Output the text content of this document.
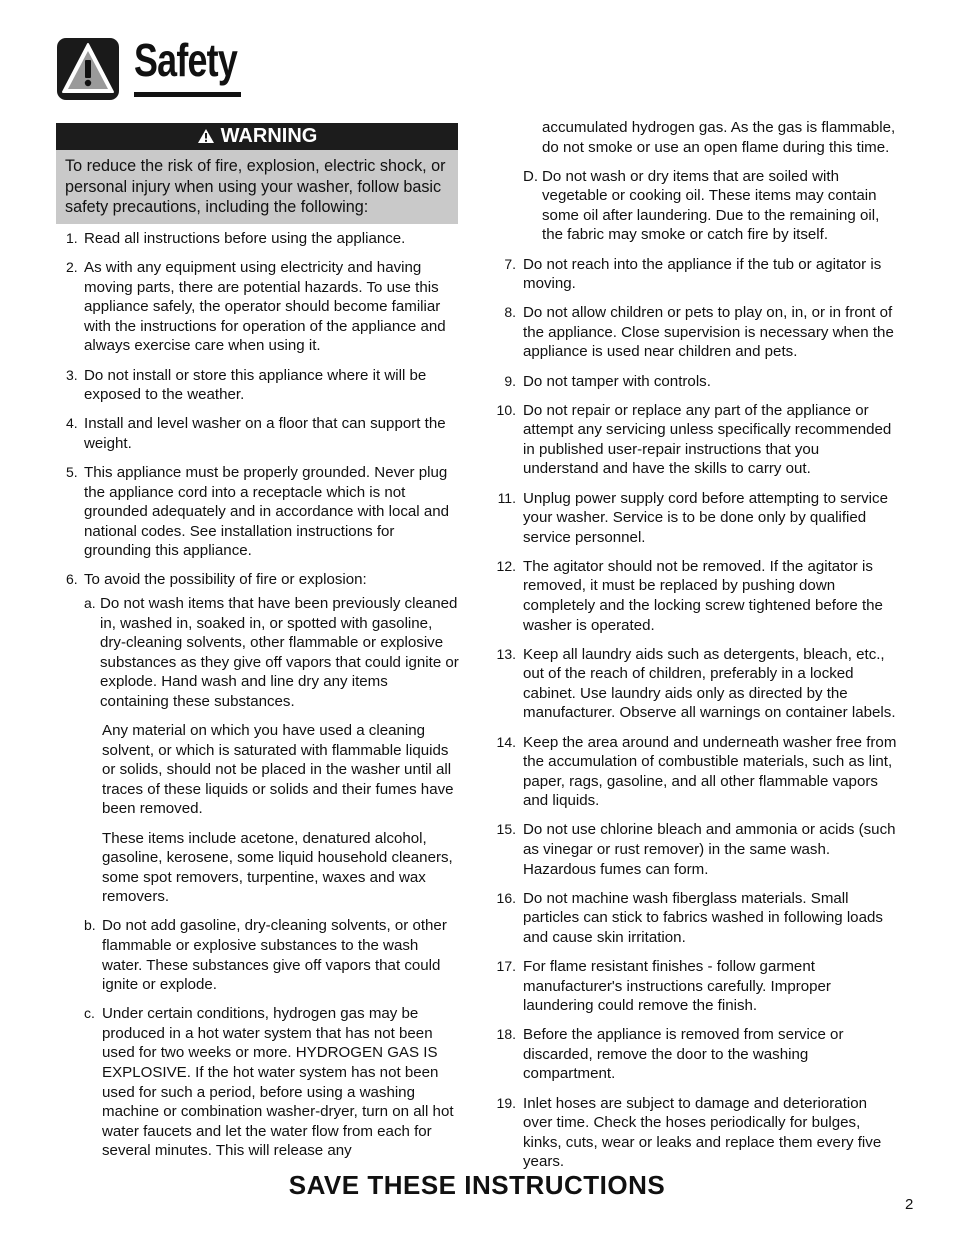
Safety
WARNING
To reduce the risk of fire, explosion, electric shock, or personal injury when using your washer, follow basic safety precautions, including the following:
1. Read all instructions before using the appliance.
2. As with any equipment using electricity and having moving parts, there are potential hazards. To use this appliance safely, the operator should become familiar with the instructions for operation of the appliance and always exercise care when using it.
3. Do not install or store this appliance where it will be exposed to the weather.
4. Install and level washer on a floor that can support the weight.
5. This appliance must be properly grounded. Never plug the appliance cord into a receptacle which is not grounded adequately and in accordance with local and national codes. See installation instructions for grounding this appliance.
6. To avoid the possibility of fire or explosion:
a. Do not wash items that have been previously cleaned in, washed in, soaked in, or spotted with gasoline, dry-cleaning solvents, other flammable or explosive substances as they give off vapors that could ignite or explode. Hand wash and line dry any items containing these substances.
Any material on which you have used a cleaning solvent, or which is saturated with flammable liquids or solids, should not be placed in the washer until all traces of these liquids or solids and their fumes have been removed.
These items include acetone, denatured alcohol, gasoline, kerosene, some liquid household cleaners, some spot removers, turpentine, waxes and wax removers.
b. Do not add gasoline, dry-cleaning solvents, or other flammable or explosive substances to the wash water. These substances give off vapors that could ignite or explode.
c. Under certain conditions, hydrogen gas may be produced in a hot water system that has not been used for two weeks or more. HYDROGEN GAS IS EXPLOSIVE. If the hot water system has not been used for such a period, before using a washing machine or combination washer-dryer, turn on all hot water faucets and let the water flow from each for several minutes. This will release any
accumulated hydrogen gas. As the gas is flammable, do not smoke or use an open flame during this time.
D. Do not wash or dry items that are soiled with vegetable or cooking oil. These items may contain some oil after laundering. Due to the remaining oil, the fabric may smoke or catch fire by itself.
7. Do not reach into the appliance if the tub or agitator is moving.
8. Do not allow children or pets to play on, in, or in front of the appliance. Close supervision is necessary when the appliance is used near children and pets.
9. Do not tamper with controls.
10. Do not repair or replace any part of the appliance or attempt any servicing unless specifically recommended in published user-repair instructions that you understand and have the skills to carry out.
11. Unplug power supply cord before attempting to service your washer. Service is to be done only by qualified service personnel.
12. The agitator should not be removed. If the agitator is removed, it must be replaced by pushing down completely and the locking screw tightened before the washer is operated.
13. Keep all laundry aids such as detergents, bleach, etc., out of the reach of children, preferably in a locked cabinet. Use laundry aids only as directed by the manufacturer. Observe all warnings on container labels.
14. Keep the area around and underneath washer free from the accumulation of combustible materials, such as lint, paper, rags, gasoline, and all other flammable vapors and liquids.
15. Do not use chlorine bleach and ammonia or acids (such as vinegar or rust remover) in the same wash. Hazardous fumes can form.
16. Do not machine wash fiberglass materials. Small particles can stick to fabrics washed in following loads and cause skin irritation.
17. For flame resistant finishes - follow garment manufacturer's instructions carefully. Improper laundering could remove the finish.
18. Before the appliance is removed from service or discarded, remove the door to the washing compartment.
19. Inlet hoses are subject to damage and deterioration over time. Check the hoses periodically for bulges, kinks, cuts, wear or leaks and replace them every five years.
SAVE THESE INSTRUCTIONS
2
